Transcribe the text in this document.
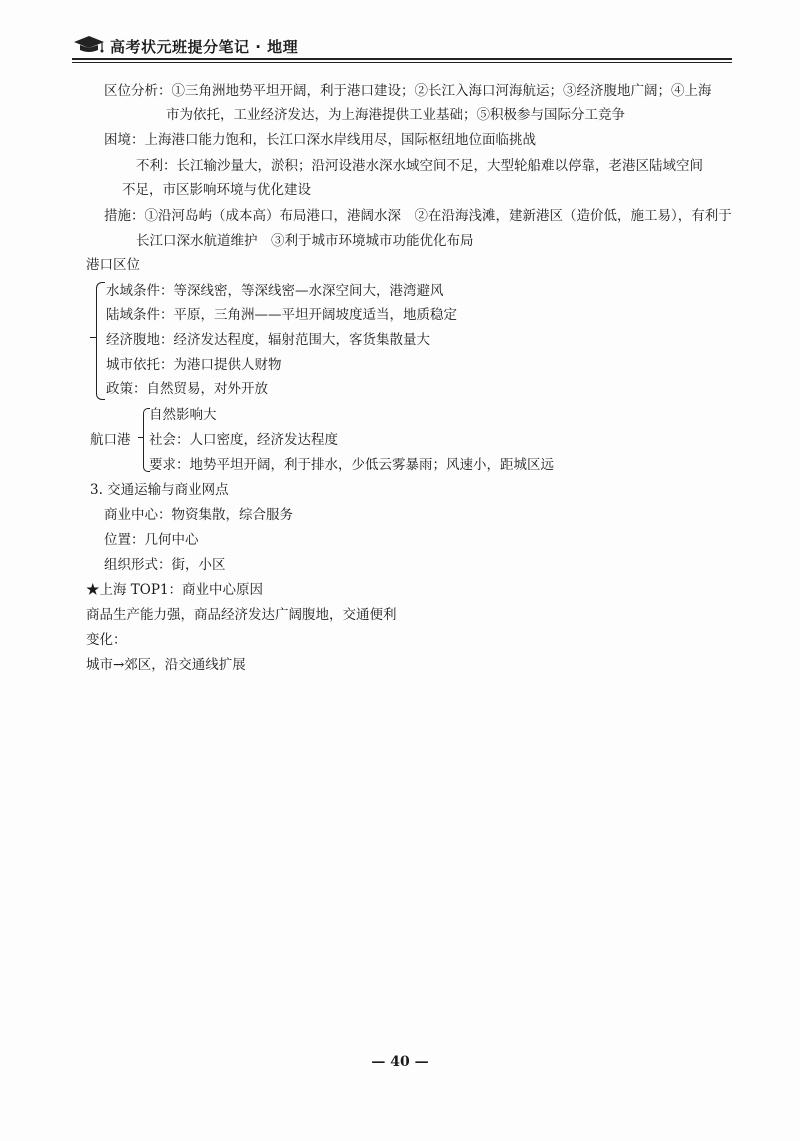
高考状元班提分笔记 · 地理
区位分析：①三角洲地势平坦开阔，利于港口建设；②长江入海口河海航运；③经济腹地广阔；④上海
市为依托，工业经济发达，为上海港提供工业基础；⑤积极参与国际分工竞争
困境：上海港口能力饱和，长江口深水岸线用尽，国际枢纽地位面临挑战
不利：长江输沙量大，淤积；沿河设港水深水域空间不足，大型轮船难以停靠，老港区陆域空间
不足，市区影响环境与优化建设
措施：①沿河岛屿（成本高）布局港口，港阔水深　②在沿海浅滩，建新港区（造价低，施工易），有利于
长江口深水航道维护　③利于城市环境城市功能优化布局
港口区位
水域条件：等深线密，等深线密—水深空间大，港湾避风
陆域条件：平原，三角洲——平坦开阔坡度适当，地质稳定
经济腹地：经济发达程度，辐射范围大，客货集散量大
城市依托：为港口提供人财物
政策：自然贸易，对外开放
自然影响大
航口港 社会：人口密度，经济发达程度
要求：地势平坦开阔，利于排水，少低云雾暴雨；风速小，距城区远
3. 交通运输与商业网点
商业中心：物资集散，综合服务
位置：几何中心
组织形式：街，小区
★上海 TOP1：商业中心原因
商品生产能力强，商品经济发达广阔腹地，交通便利
变化：
城市→郊区，沿交通线扩展
— 40 —
